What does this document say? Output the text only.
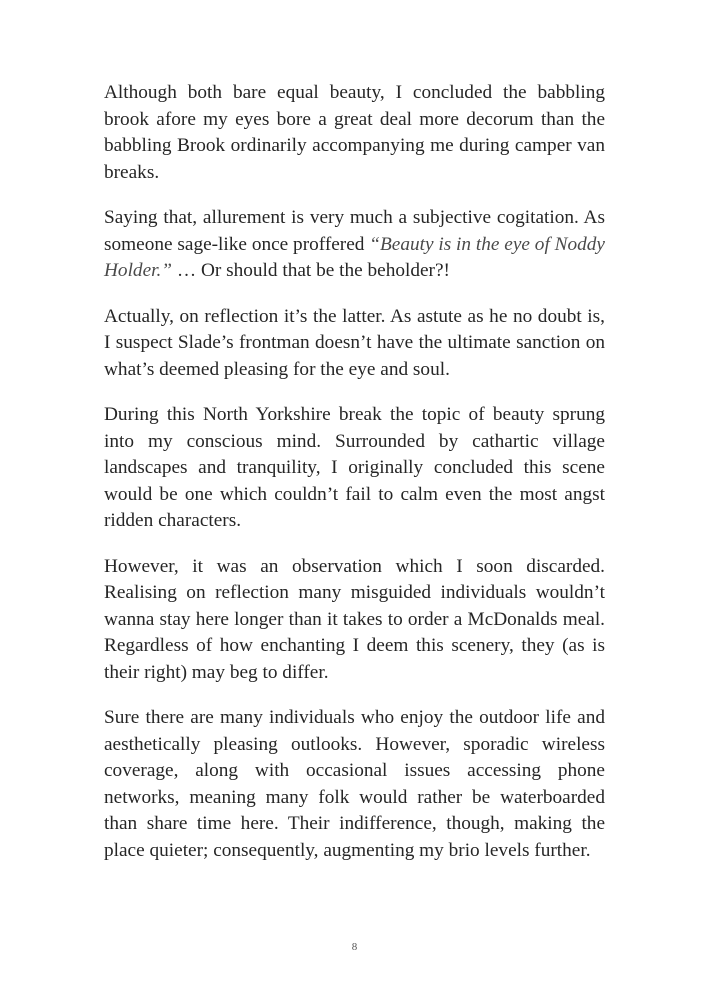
Although both bare equal beauty, I concluded the babbling brook afore my eyes bore a great deal more decorum than the babbling Brook ordinarily accompanying me during camper van breaks.

Saying that, allurement is very much a subjective cogitation. As someone sage-like once proffered “Beauty is in the eye of Noddy Holder.” … Or should that be the beholder?!

Actually, on reflection it’s the latter. As astute as he no doubt is, I suspect Slade’s frontman doesn’t have the ultimate sanction on what’s deemed pleasing for the eye and soul.

During this North Yorkshire break the topic of beauty sprung into my conscious mind. Surrounded by cathartic village landscapes and tranquility, I originally concluded this scene would be one which couldn’t fail to calm even the most angst ridden characters.

However, it was an observation which I soon discarded. Realising on reflection many misguided individuals wouldn’t wanna stay here longer than it takes to order a McDonalds meal. Regardless of how enchanting I deem this scenery, they (as is their right) may beg to differ.

Sure there are many individuals who enjoy the outdoor life and aesthetically pleasing outlooks. However, sporadic wireless coverage, along with occasional issues accessing phone networks, meaning many folk would rather be waterboarded than share time here. Their indifference, though, making the place quieter; consequently, augmenting my brio levels further.

8
